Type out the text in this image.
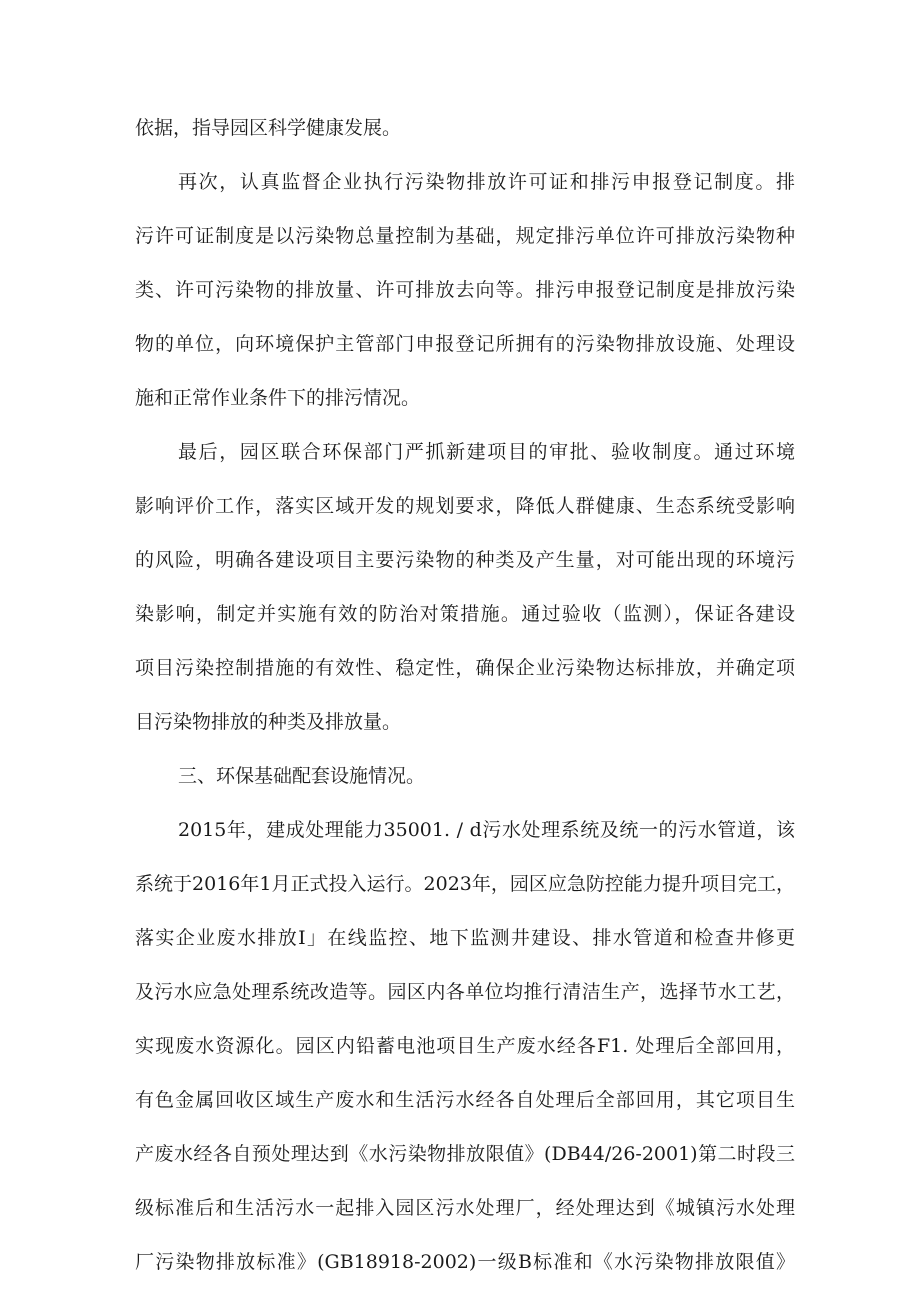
依据，指导园区科学健康发展。
再次，认真监督企业执行污染物排放许可证和排污申报登记制度。排
污许可证制度是以污染物总量控制为基础，规定排污单位许可排放污染物种
类、许可污染物的排放量、许可排放去向等。排污申报登记制度是排放污染
物的单位，向环境保护主管部门申报登记所拥有的污染物排放设施、处理设
施和正常作业条件下的排污情况。
最后，园区联合环保部门严抓新建项目的审批、验收制度。通过环境
影响评价工作，落实区域开发的规划要求，降低人群健康、生态系统受影响
的风险，明确各建设项目主要污染物的种类及产生量，对可能出现的环境污
染影响，制定并实施有效的防治对策措施。通过验收（监测），保证各建设
项目污染控制措施的有效性、稳定性，确保企业污染物达标排放，并确定项
目污染物排放的种类及排放量。
三、环保基础配套设施情况。
2015年，建成处理能力35001. / d污水处理系统及统一的污水管道，该
系统于2016年1月正式投入运行。2023年，园区应急防控能力提升项目完工，
落实企业废水排放I」在线监控、地下监测井建设、排水管道和检查井修更
及污水应急处理系统改造等。园区内各单位均推行清洁生产，选择节水工艺，
实现废水资源化。园区内铅蓄电池项目生产废水经各F1. 处理后全部回用，
有色金属回收区域生产废水和生活污水经各自处理后全部回用，其它项目生
产废水经各自预处理达到《水污染物排放限值》(DB44/26-2001)第二时段三
级标准后和生活污水一起排入园区污水处理厂，经处理达到《城镇污水处理
厂污染物排放标准》(GB18918-2002)一级B标准和《水污染物排放限值》
